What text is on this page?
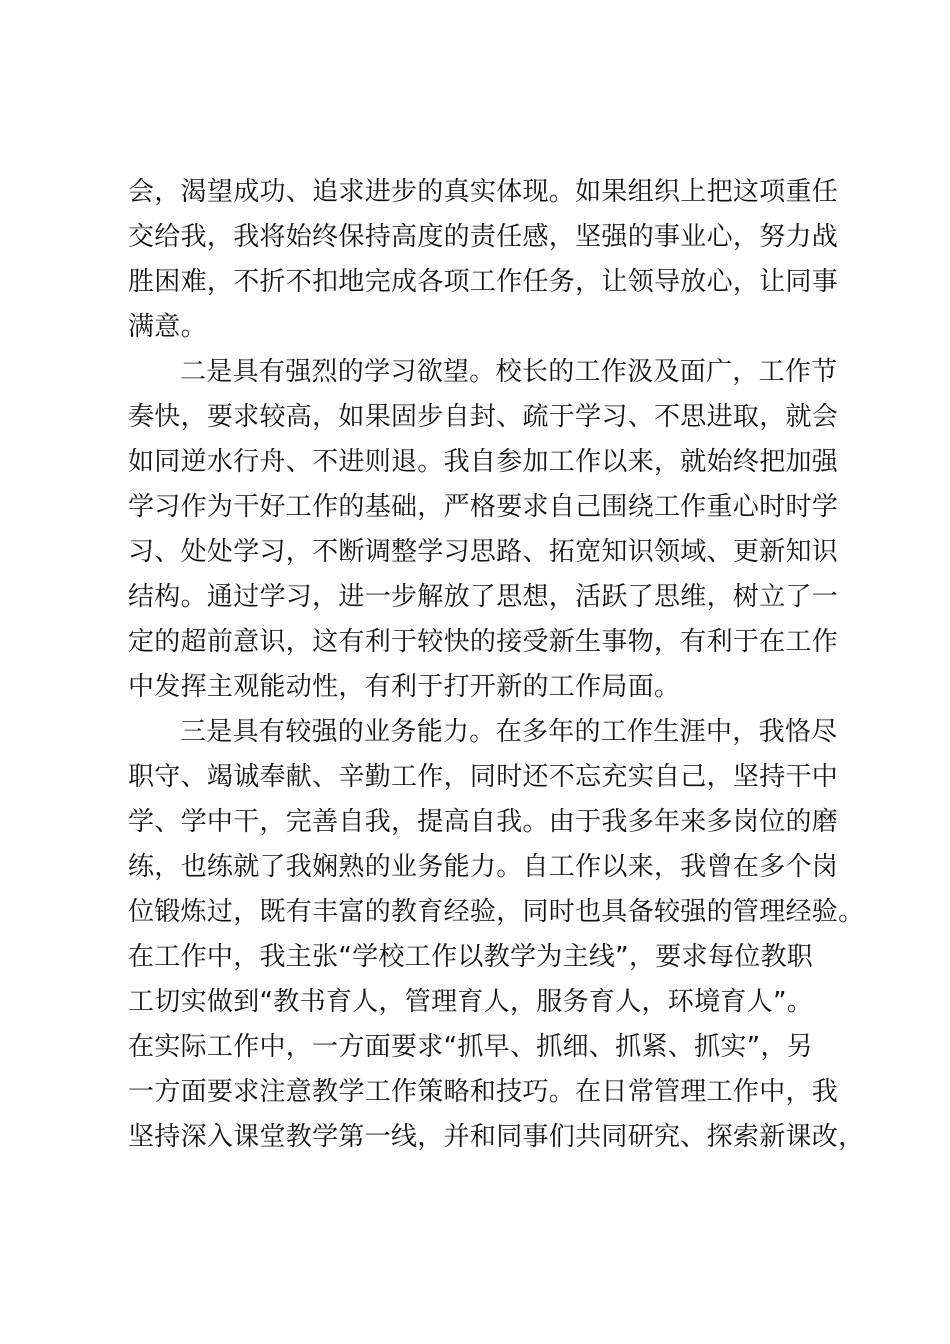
会，渴望成功、追求进步的真实体现。如果组织上把这项重任
交给我，我将始终保持高度的责任感，坚强的事业心，努力战
胜困难，不折不扣地完成各项工作任务，让领导放心，让同事
满意。
二是具有强烈的学习欲望。校长的工作汲及面广，工作节
奏快，要求较高，如果固步自封、疏于学习、不思进取，就会
如同逆水行舟、不进则退。我自参加工作以来，就始终把加强
学习作为干好工作的基础，严格要求自己围绕工作重心时时学
习、处处学习，不断调整学习思路、拓宽知识领域、更新知识
结构。通过学习，进一步解放了思想，活跃了思维，树立了一
定的超前意识，这有利于较快的接受新生事物，有利于在工作
中发挥主观能动性，有利于打开新的工作局面。
三是具有较强的业务能力。在多年的工作生涯中，我恪尽
职守、竭诚奉献、辛勤工作，同时还不忘充实自己，坚持干中
学、学中干，完善自我，提高自我。由于我多年来多岗位的磨
练，也练就了我娴熟的业务能力。自工作以来，我曾在多个岗
位锻炼过，既有丰富的教育经验，同时也具备较强的管理经验。
在工作中，我主张“学校工作以教学为主线”，要求每位教职
工切实做到“教书育人，管理育人，服务育人，环境育人”。
在实际工作中，一方面要求“抓早、抓细、抓紧、抓实”，另
一方面要求注意教学工作策略和技巧。在日常管理工作中，我
坚持深入课堂教学第一线，并和同事们共同研究、探索新课改，
